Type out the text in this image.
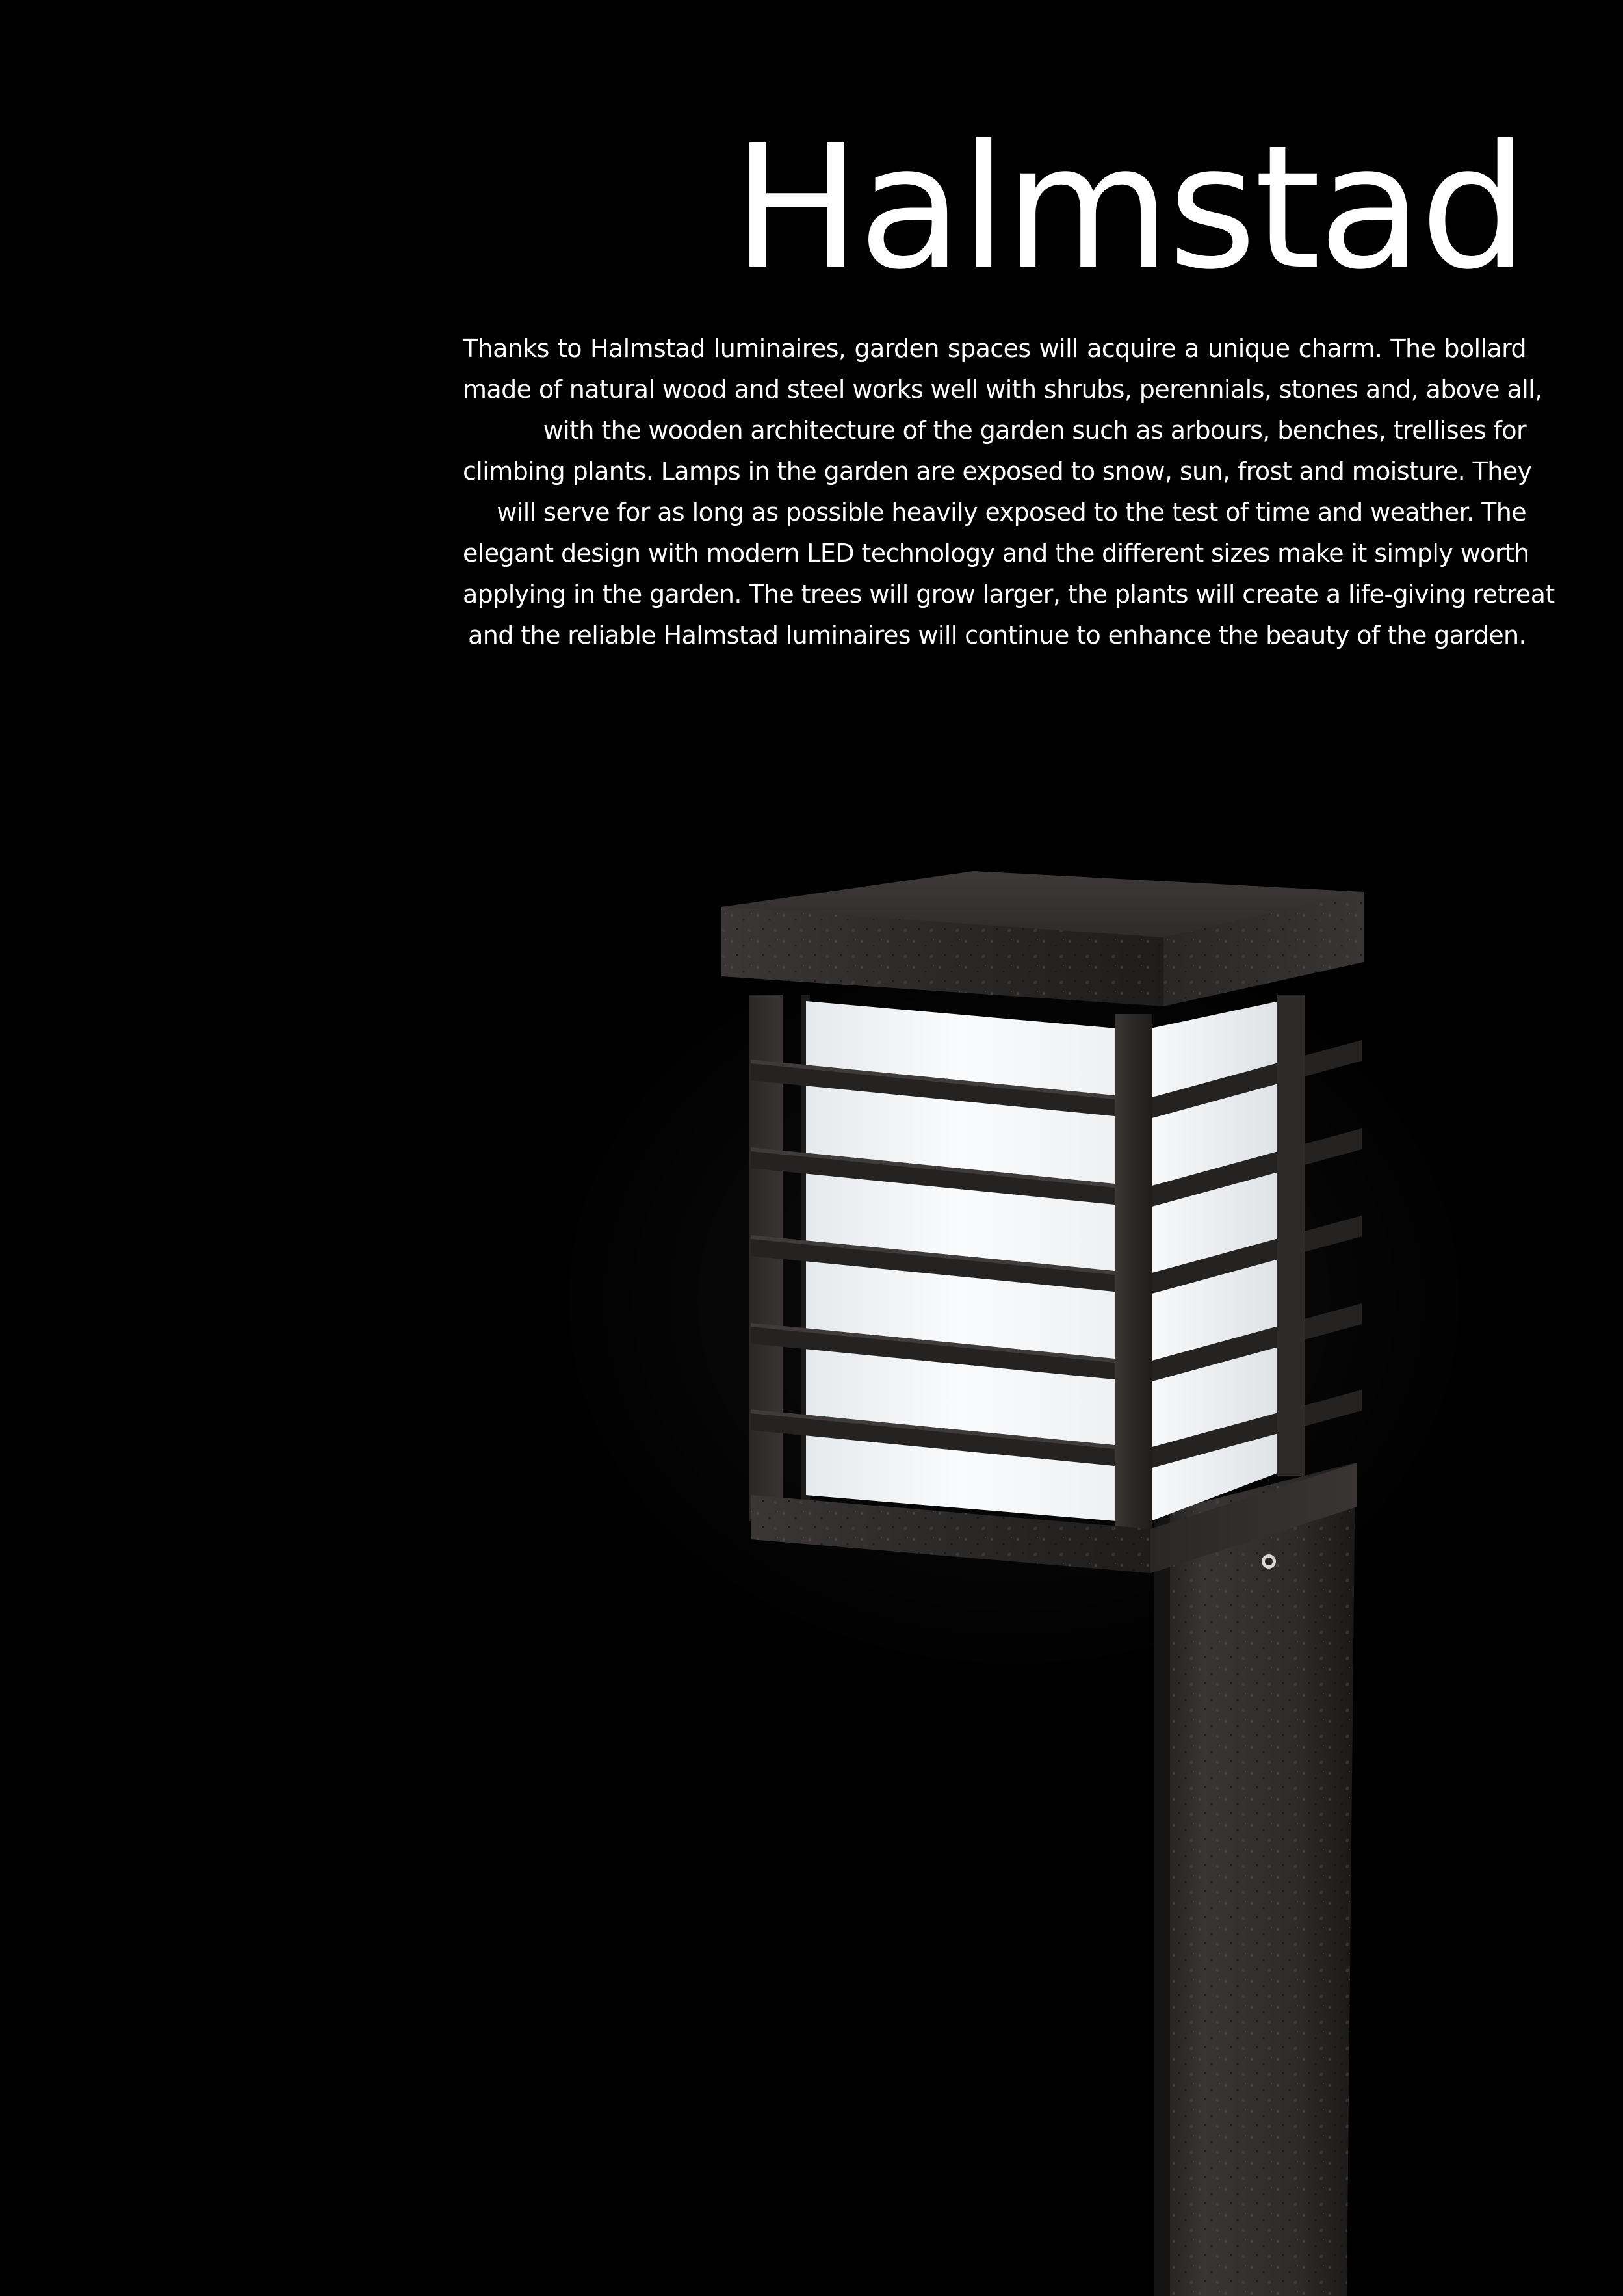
Halmstad
Thanks to Halmstad luminaires, garden spaces will acquire a unique charm. The bollard
made of natural wood and steel works well with shrubs, perennials, stones and, above all,
with the wooden architecture of the garden such as arbours, benches, trellises for
climbing plants. Lamps in the garden are exposed to snow, sun, frost and moisture. They
will serve for as long as possible heavily exposed to the test of time and weather. The
elegant design with modern LED technology and the different sizes make it simply worth
applying in the garden. The trees will grow larger, the plants will create a life-giving retreat
and the reliable Halmstad luminaires will continue to enhance the beauty of the garden.
